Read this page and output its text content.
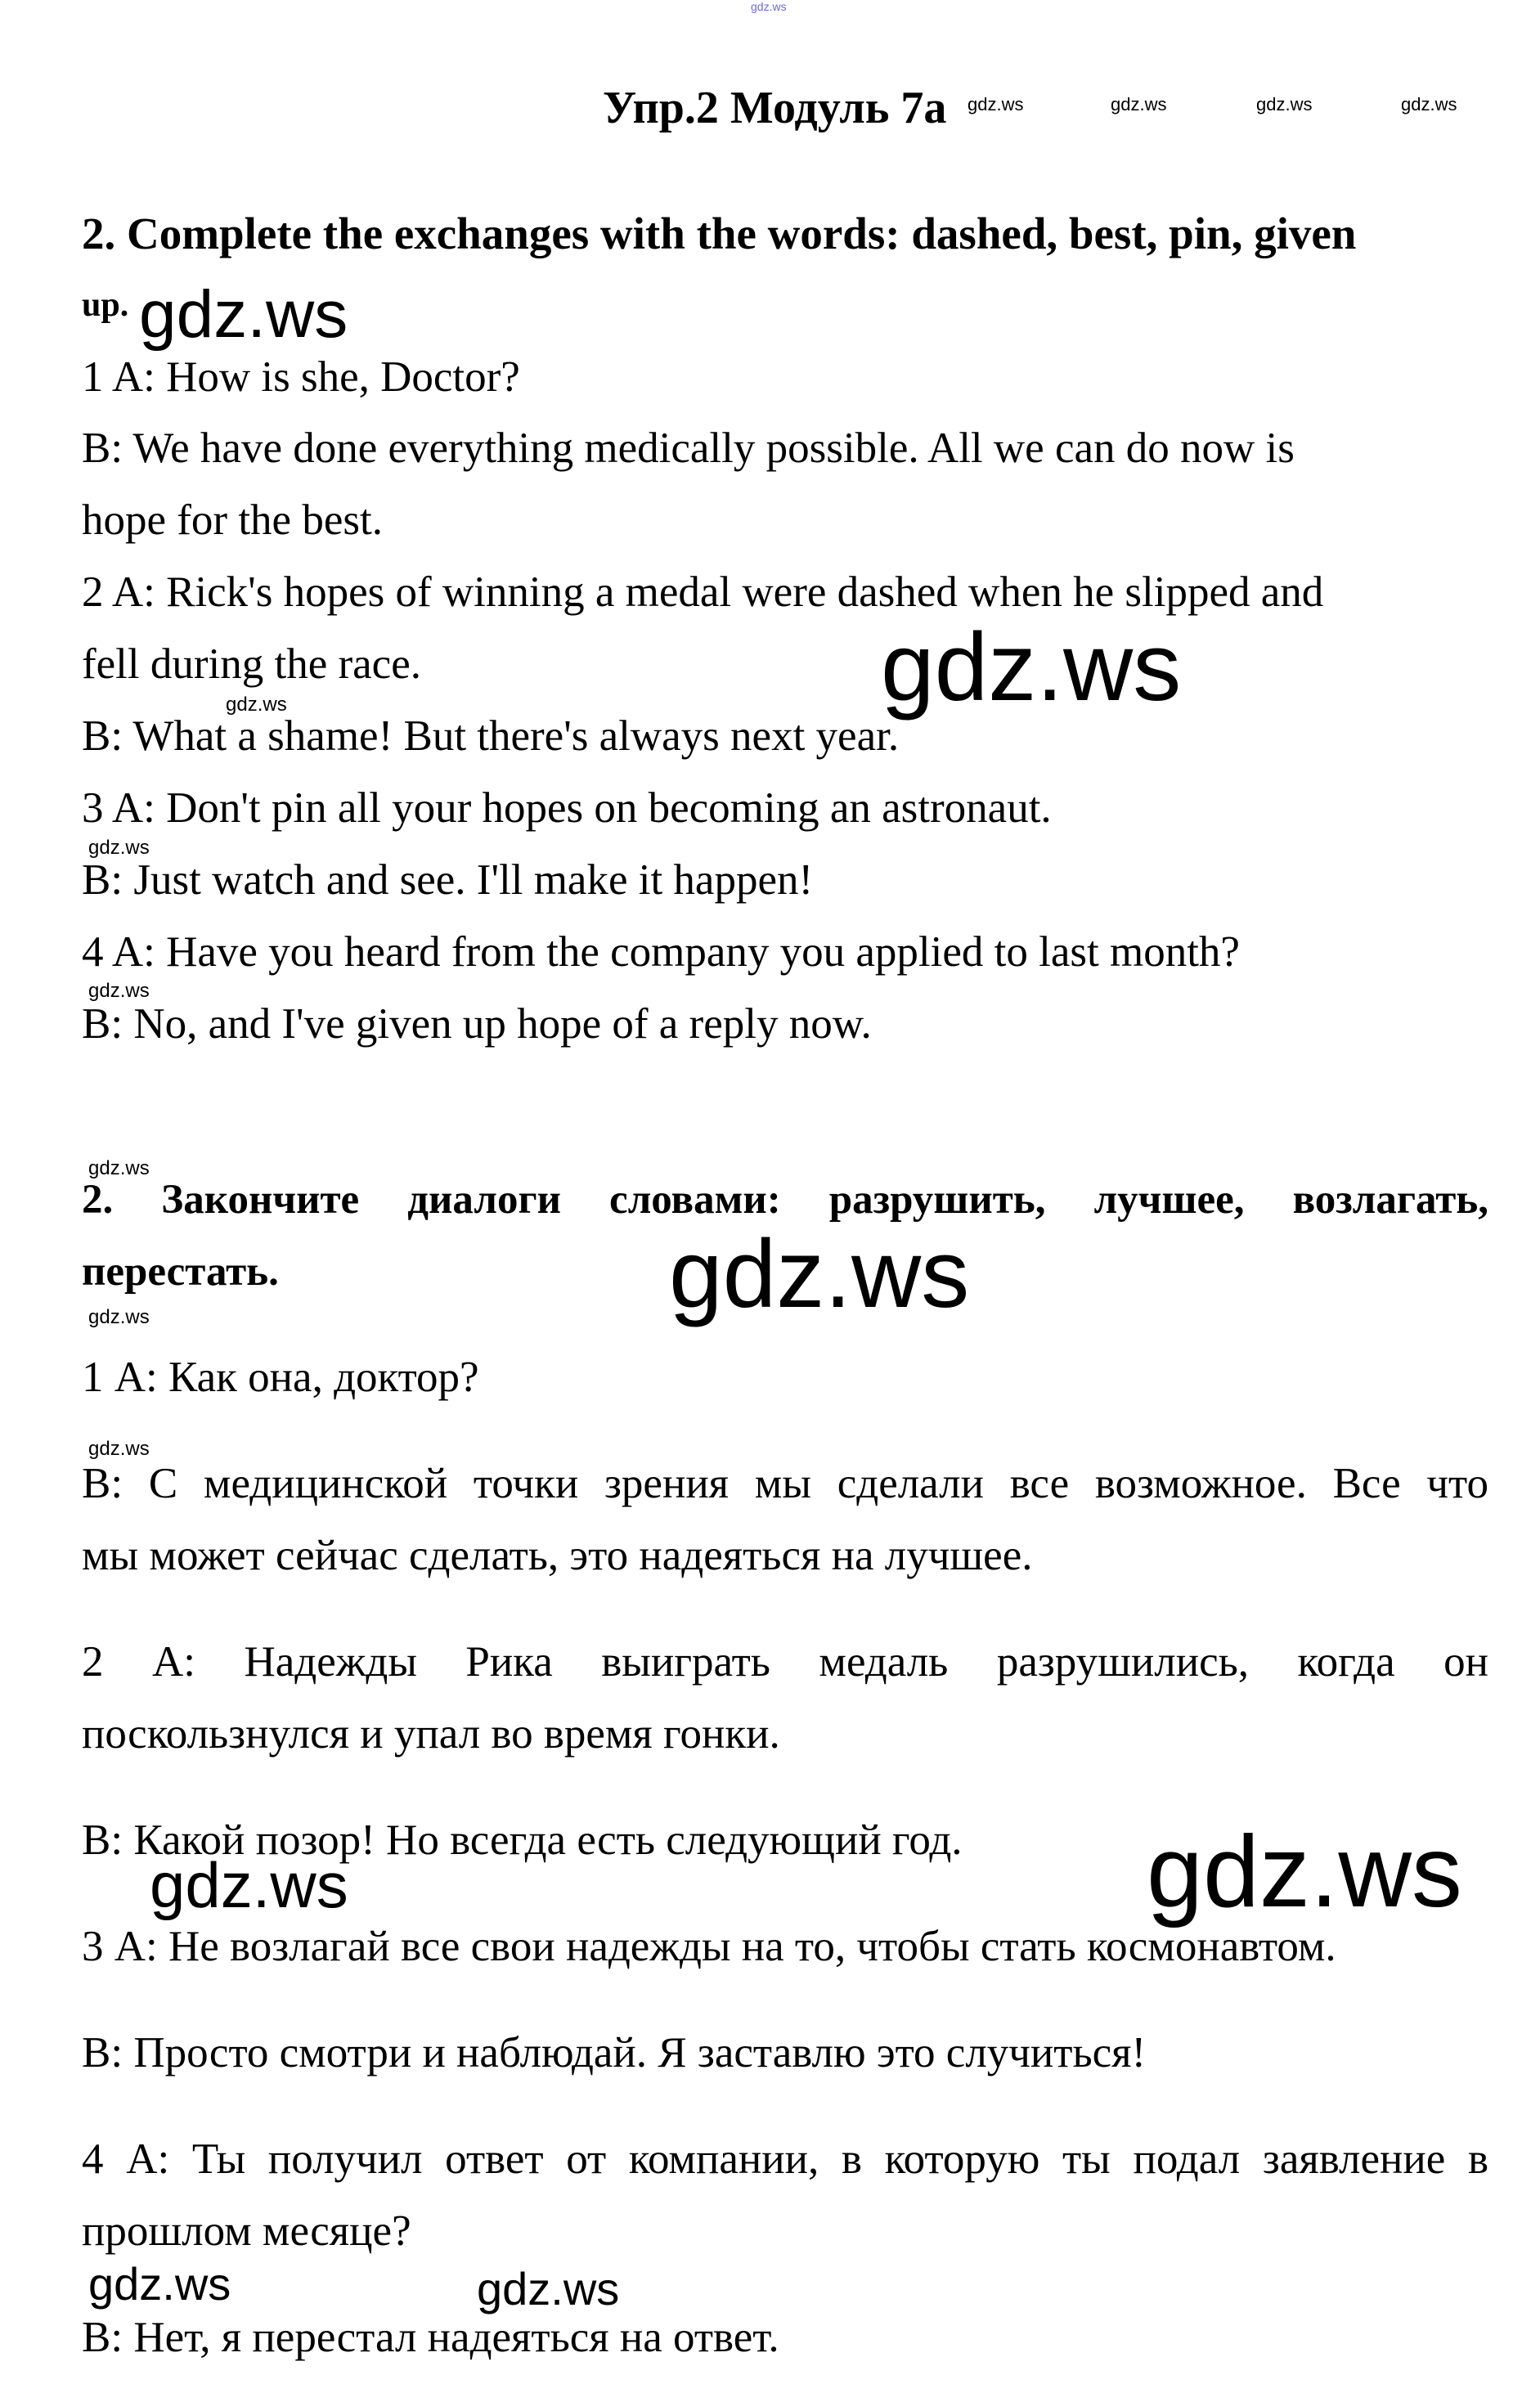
gdz.ws
Упр.2 Модуль 7a gdz.ws	gdz.ws	gdz.ws	gdz.ws
2. Complete the exchanges with the words: dashed, best, pin, given
up. gdz.ws
1 A: How is she, Doctor?
B: We have done everything medically possible. All we can do now is
hope for the best.
2 A: Rick's hopes of winning a medal were dashed when he slipped and
fell during the race.	gdz.ws
gdz.ws
B: What a shame! But there's always next year.
3 A: Don't pin all your hopes on becoming an astronaut.
gdz.ws
B: Just watch and see. I'll make it happen!
4 A: Have you heard from the company you applied to last month?
gdz.ws
B: No, and I've given up hope of a reply now.
gdz.ws
2. Закончите диалоги словами: разрушить, лучшее, возлагать,
перестать.	gdz.ws
gdz.ws
1 А: Как она, доктор?
gdz.ws
В: С медицинской точки зрения мы сделали все возможное. Все что
мы может сейчас сделать, это надеяться на лучшее.
2 А: Надежды Рика выиграть медаль разрушились, когда он
поскользнулся и упал во время гонки.
В: Какой позор! Но всегда есть следующий год.
gdz.ws	gdz.ws
3 А: Не возлагай все свои надежды на то, чтобы стать космонавтом.
В: Просто смотри и наблюдай. Я заставлю это случиться!
4 А: Ты получил ответ от компании, в которую ты подал заявление в
прошлом месяце?
gdz.ws	gdz.ws
В: Нет, я перестал надеяться на ответ.
